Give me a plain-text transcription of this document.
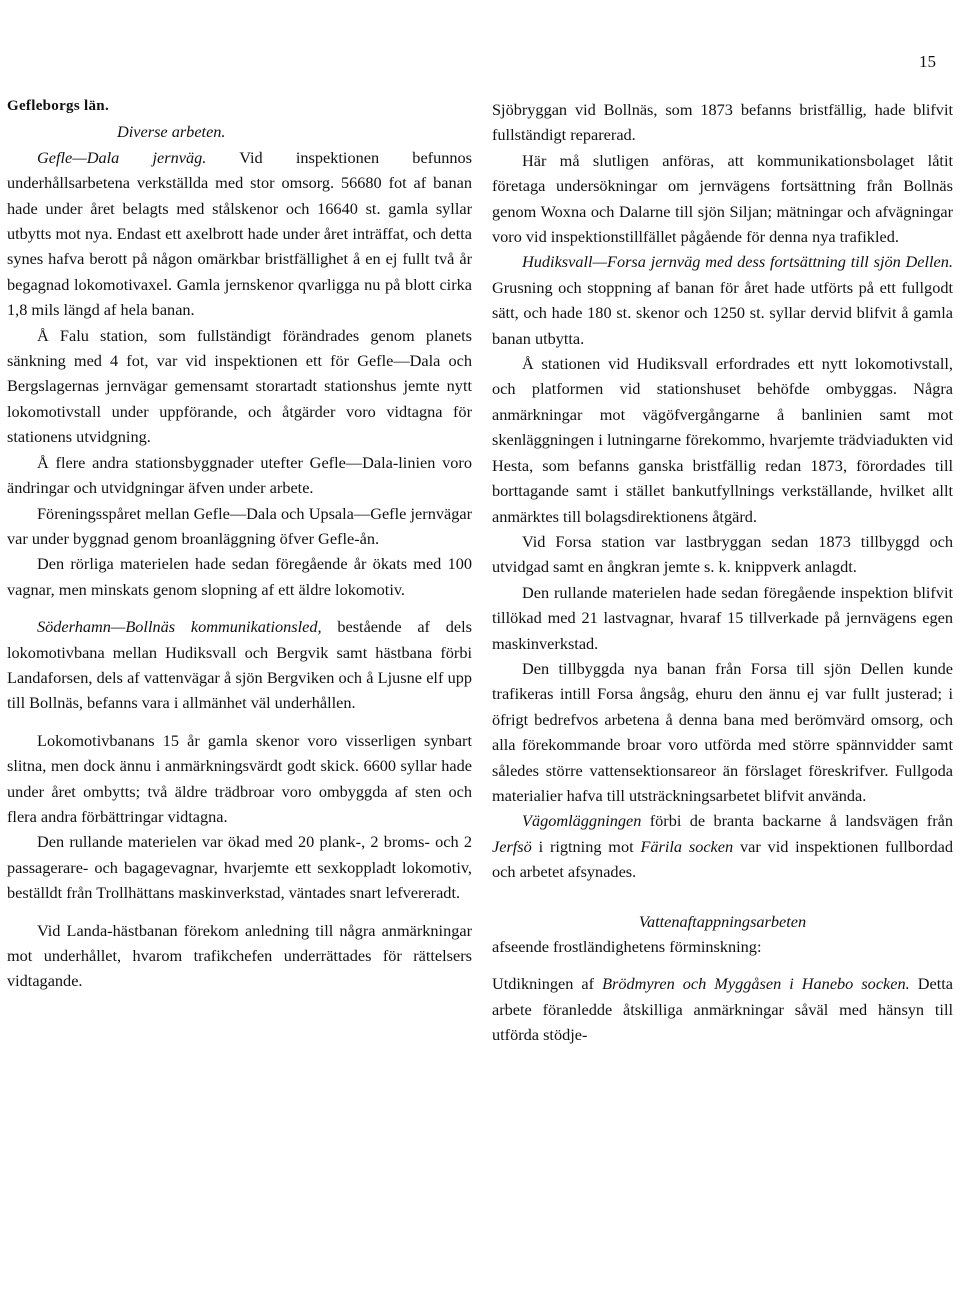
15

Gefleborgs län.

Diverse arbeten.

Gefle—Dala jernväg. Vid inspektionen befunnos underhållsarbetena verkställda med stor omsorg. 56680 fot af banan hade under året belagts med stålskenor och 16640 st. gamla syllar utbytts mot nya. Endast ett axelbrott hade under året inträffat, och detta synes hafva berott på någon omärkbar bristfällighet å en ej fullt två år begagnad lokomotivaxel. Gamla jernskenor qvarligga nu på blott cirka 1,8 mils längd af hela banan.

Å Falu station, som fullständigt förändrades genom planets sänkning med 4 fot, var vid inspektionen ett för Gefle—Dala och Bergslagernas jernvägar gemensamt storartadt stationshus jemte nytt lokomotivstall under uppförande, och åtgärder voro vidtagna för stationens utvidgning.

Å flere andra stationsbyggnader utefter Gefle—Dala-linien voro ändringar och utvidgningar äfven under arbete.

Föreningsspåret mellan Gefle—Dala och Upsala—Gefle jernvägar var under byggnad genom broanläggning öfver Gefle-ån.

Den rörliga materielen hade sedan föregående år ökats med 100 vagnar, men minskats genom slopning af ett äldre lokomotiv.

Söderhamn—Bollnäs kommunikationsled, bestående af dels lokomotivbana mellan Hudiksvall och Bergvik samt hästbana förbi Landaforsen, dels af vattenvägar å sjön Bergviken och å Ljusne elf upp till Bollnäs, befanns vara i allmänhet väl underhållen.

Lokomotivbanans 15 år gamla skenor voro visserligen synbart slitna, men dock ännu i anmärkningsvärdt godt skick. 6600 syllar hade under året ombytts; två äldre trädbroar voro ombyggda af sten och flera andra förbättringar vidtagna.

Den rullande materielen var ökad med 20 plank-, 2 broms- och 2 passagerare- och bagagevagnar, hvarjemte ett sexkoppladt lokomotiv, beställdt från Trollhättans maskinverkstad, väntades snart lefvereradt.

Vid Landa-hästbanan förekom anledning till några anmärkningar mot underhållet, hvarom trafikchefen underrättades för rättelsers vidtagande.

Sjöbryggan vid Bollnäs, som 1873 befanns bristfällig, hade blifvit fullständigt reparerad.

Här må slutligen anföras, att kommunikationsbolaget låtit företaga undersökningar om jernvägens fortsättning från Bollnäs genom Woxna och Dalarne till sjön Siljan; mätningar och afvägningar voro vid inspektionstillfället pågående för denna nya trafikled.

Hudiksvall—Forsa jernväg med dess fortsättning till sjön Dellen. Grusning och stoppning af banan för året hade utförts på ett fullgodt sätt, och hade 180 st. skenor och 1250 st. syllar dervid blifvit å gamla banan utbytta.

Å stationen vid Hudiksvall erfordrades ett nytt lokomotivstall, och platformen vid stationshuset behöfde ombyggas. Några anmärkningar mot vägöfvergångarne å banlinien samt mot skenläggningen i lutningarne förekommo, hvarjemte trädviadukten vid Hesta, som befanns ganska bristfällig redan 1873, förordades till borttagande samt i stället bankutfyllnings verkställande, hvilket allt anmärktes till bolagsdirektionens åtgärd.

Vid Forsa station var lastbryggan sedan 1873 tillbyggd och utvidgad samt en ångkran jemte s. k. knippverk anlagdt.

Den rullande materielen hade sedan föregående inspektion blifvit tillökad med 21 lastvagnar, hvaraf 15 tillverkade på jernvägens egen maskinverkstad.

Den tillbyggda nya banan från Forsa till sjön Dellen kunde trafikeras intill Forsa ångsåg, ehuru den ännu ej var fullt justerad; i öfrigt bedrefvos arbetena å denna bana med berömvärd omsorg, och alla förekommande broar voro utförda med större spännvidder samt således större vattensektionsareor än förslaget föreskrifver. Fullgoda materialier hafva till utsträckningsarbetet blifvit använda.

Vägomläggningen förbi de branta backarne å landsvägen från Jerfsö i rigtning mot Färila socken var vid inspektionen fullbordad och arbetet afsynades.

Vattenaftappningsarbeten

afseende frostländighetens förminskning:

Utdikningen af Brödmyren och Myggåsen i Hanebo socken. Detta arbete föranledde åtskilliga anmärkningar såväl med hänsyn till utförda stödje-
